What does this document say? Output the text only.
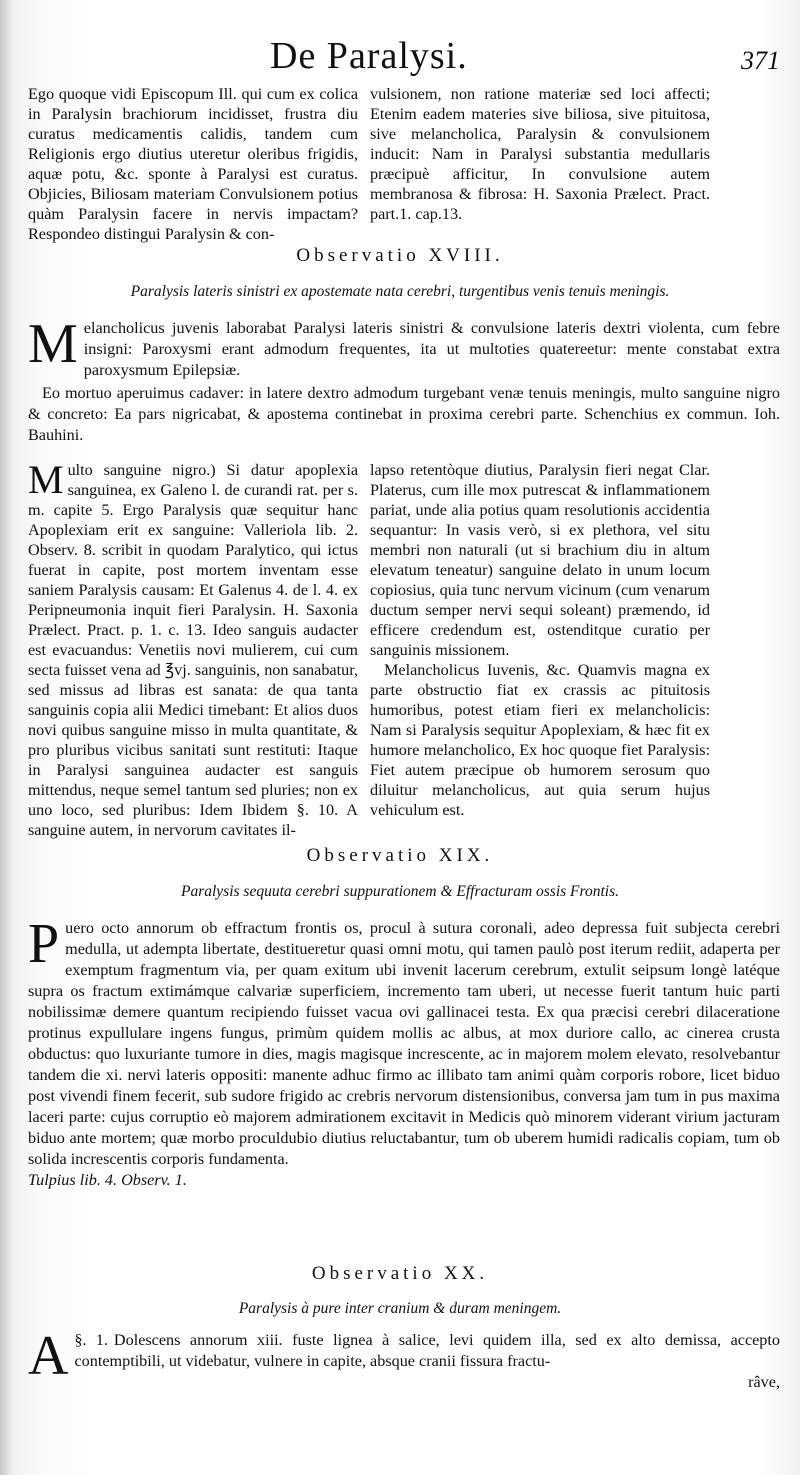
De Paralysi.	371

Ego quoque vidi Episcopum Ill. qui cum ex colica in Paralysin brachiorum incidisset, frustra diu curatus medicamentis calidis, tandem cum Religionis ergo diutius uteretur oleribus frigidis, aquæ potu, &c. sponte à Paralysi est curatus. Objicies, Biliosam materiam Convulsionem potius quàm Paralysin facere in nervis impactam? Respondeo distingui Paralysin & con-

vulsionem, non ratione materiæ sed loci affecti; Etenim eadem materies sive biliosa, sive pituitosa, sive melancholica, Paralysin & convulsionem inducit: Nam in Paralysi substantia medullaris præcipuè afficitur, In convulsione autem membranosa & fibrosa: H. Saxonia Prælect. Pract. part.1. cap.13.

Observatio XVIII.
Paralysis lateris sinistri ex apostemate nata cerebri, turgentibus venis tenuis meningis.

Melancholicus juvenis laborabat Paralysi lateris sinistri & convulsione lateris dextri violenta, cum febre insigni: Paroxysmi erant admodum frequentes, ita ut multoties quatereetur: mente constabat extra paroxysmum Epilepsiæ.

Eo mortuo aperuimus cadaver: in latere dextro admodum turgebant venæ tenuis meningis, multo sanguine nigro & concreto: Ea pars nigricabat, & apostema continebat in proxima cerebri parte. Schenchius ex commun. Ioh. Bauhini.

Multo sanguine nigro.) Si datur apoplexia sanguinea, ex Galeno l. de curandi rat. per s. m. capite 5. Ergo Paralysis quæ sequitur hanc Apoplexiam erit ex sanguine: Valleriola lib. 2. Observ. 8. scribit in quodam Paralytico, qui ictus fuerat in capite, post mortem inventam esse saniem Paralysis causam: Et Galenus 4. de l. 4. ex Peripneumonia inquit fieri Paralysin. H. Saxonia Prælect. Pract. p. 1. c. 13. Ideo sanguis audacter est evacuandus: Venetiis novi mulierem, cui cum secta fuisset vena ad ℥vj. sanguinis, non sanabatur, sed missus ad libras est sanata: de qua tanta sanguinis copia alii Medici timebant: Et alios duos novi quibus sanguine misso in multa quantitate, & pro pluribus vicibus sanitati sunt restituti: Itaque in Paralysi sanguinea audacter est sanguis mittendus, neque semel tantum sed pluries; non ex uno loco, sed pluribus: Idem Ibidem §. 10. A sanguine autem, in nervorum cavitates il-

lapso retentòque diutius, Paralysin fieri negat Clar. Platerus, cum ille mox putrescat & inflammationem pariat, unde alia potius quam resolutionis accidentia sequantur: In vasis verò, si ex plethora, vel situ membri non naturali (ut si brachium diu in altum elevatum teneatur) sanguine delato in unum locum copiosius, quia tunc nervum vicinum (cum venarum ductum semper nervi sequi soleant) præmendo, id efficere credendum est, ostenditque curatio per sanguinis missionem.

Melancholicus Iuvenis, &c. Quamvis magna ex parte obstructio fiat ex crassis ac pituitosis humoribus, potest etiam fieri ex melancholicis: Nam si Paralysis sequitur Apoplexiam, & hæc fit ex humore melancholico, Ex hoc quoque fiet Paralysis: Fiet autem præcipue ob humorem serosum quo diluitur melancholicus, aut quia serum hujus vehiculum est.

Observatio XIX.
Paralysis sequuta cerebri suppurationem & Effracturam ossis Frontis.

Puero octo annorum ob effractum frontis os, procul à sutura coronali, adeo depressa fuit subjecta cerebri medulla, ut adempta libertate, destitueretur quasi omni motu, qui tamen paulò post iterum rediit, adaperta per exemptum fragmentum via, per quam exitum ubi invenit lacerum cerebrum, extulit seipsum longè latéque supra os fractum extimámque calvariæ superficiem, incremento tam uberi, ut necesse fuerit tantum huic parti nobilissimæ demere quantum recipiendo fuisset vacua ovi gallinacei testa. Ex qua præcisi cerebri dilaceratione protinus expullulare ingens fungus, primùm quidem mollis ac albus, at mox duriore callo, ac cinerea crusta obductus: quo luxuriante tumore in dies, magis magisque increscente, ac in majorem molem elevato, resolvebantur tandem die xi. nervi lateris oppositi: manente adhuc firmo ac illibato tam animi quàm corporis robore, licet biduo post vivendi finem fecerit, sub sudore frigido ac crebris nervorum distensionibus, conversa jam tum in pus maxima laceri parte: cujus corruptio eò majorem admirationem excitavit in Medicis quò minorem viderant virium jacturam biduo ante mortem; quæ morbo proculdubio diutius reluctabantur, tum ob uberem humidi radicalis copiam, tum ob solida increscentis corporis fundamenta.

Tulpius lib. 4. Observ. 1.

Observatio XX.
Paralysis à pure inter cranium & duram meningem.

§. 1.
A	Dolescens annorum xiii. fuste lignea à salice, levi quidem illa, sed ex alto demissa, accepto contemptibili, ut videbatur, vulnere in capite, absque cranii fissura fractu-

râve,
